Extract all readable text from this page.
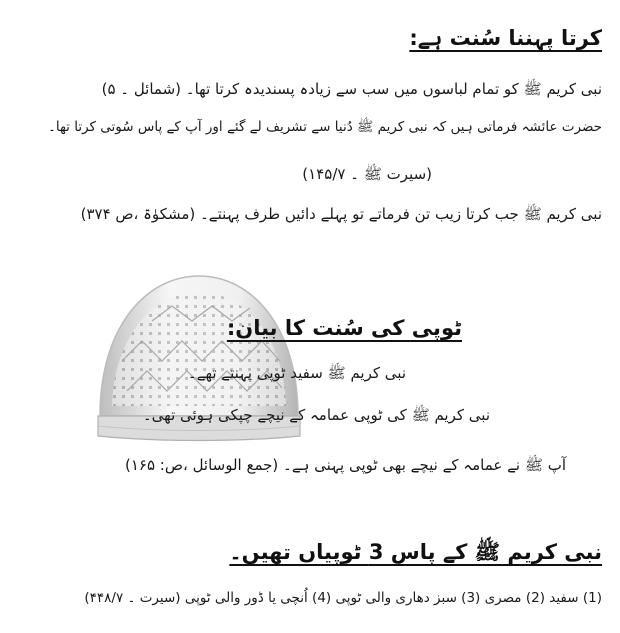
کرتا پہننا سُنت ہے:
نبی کریم ﷺ کو تمام لباسوں میں سب سے زیادہ پسندیدہ کرتا تھا۔ (شمائل ۔ ۵)
حضرت عائشہ فرماتی ہیں کہ نبی کریم ﷺ دُنیا سے تشریف لے گئے اور آپ کے پاس سُوتی کرتا تھا۔
(سیرت ﷺ ۔ ۱۴۵/۷)
نبی کریم ﷺ جب کرتا زیب تن فرماتے تو پہلے دائیں طرف پہنتے۔ (مشکوٰۃ ،ص ۳۷۴)
ٹوپی کی سُنت کا بیان:
نبی کریم ﷺ سفید ٹوپی پہنتے تھے۔
نبی کریم ﷺ کی ٹوپی عمامہ کے نیچے چپکی ہوئی تھی۔
آپ ﷺ نے عمامہ کے نیچے بھی ٹوپی پہنی ہے۔ (جمع الوسائل ،ص: ۱۶۵)
نبی کریم ﷺ کے پاس 3 ٹوپیاں تھیں۔
(1) سفید (2) مصری (3) سبز دھاری والی ٹوپی (4) اُنچی یا ڈور والی ٹوپی (سیرت ۔ ۴۴۸/۷)
